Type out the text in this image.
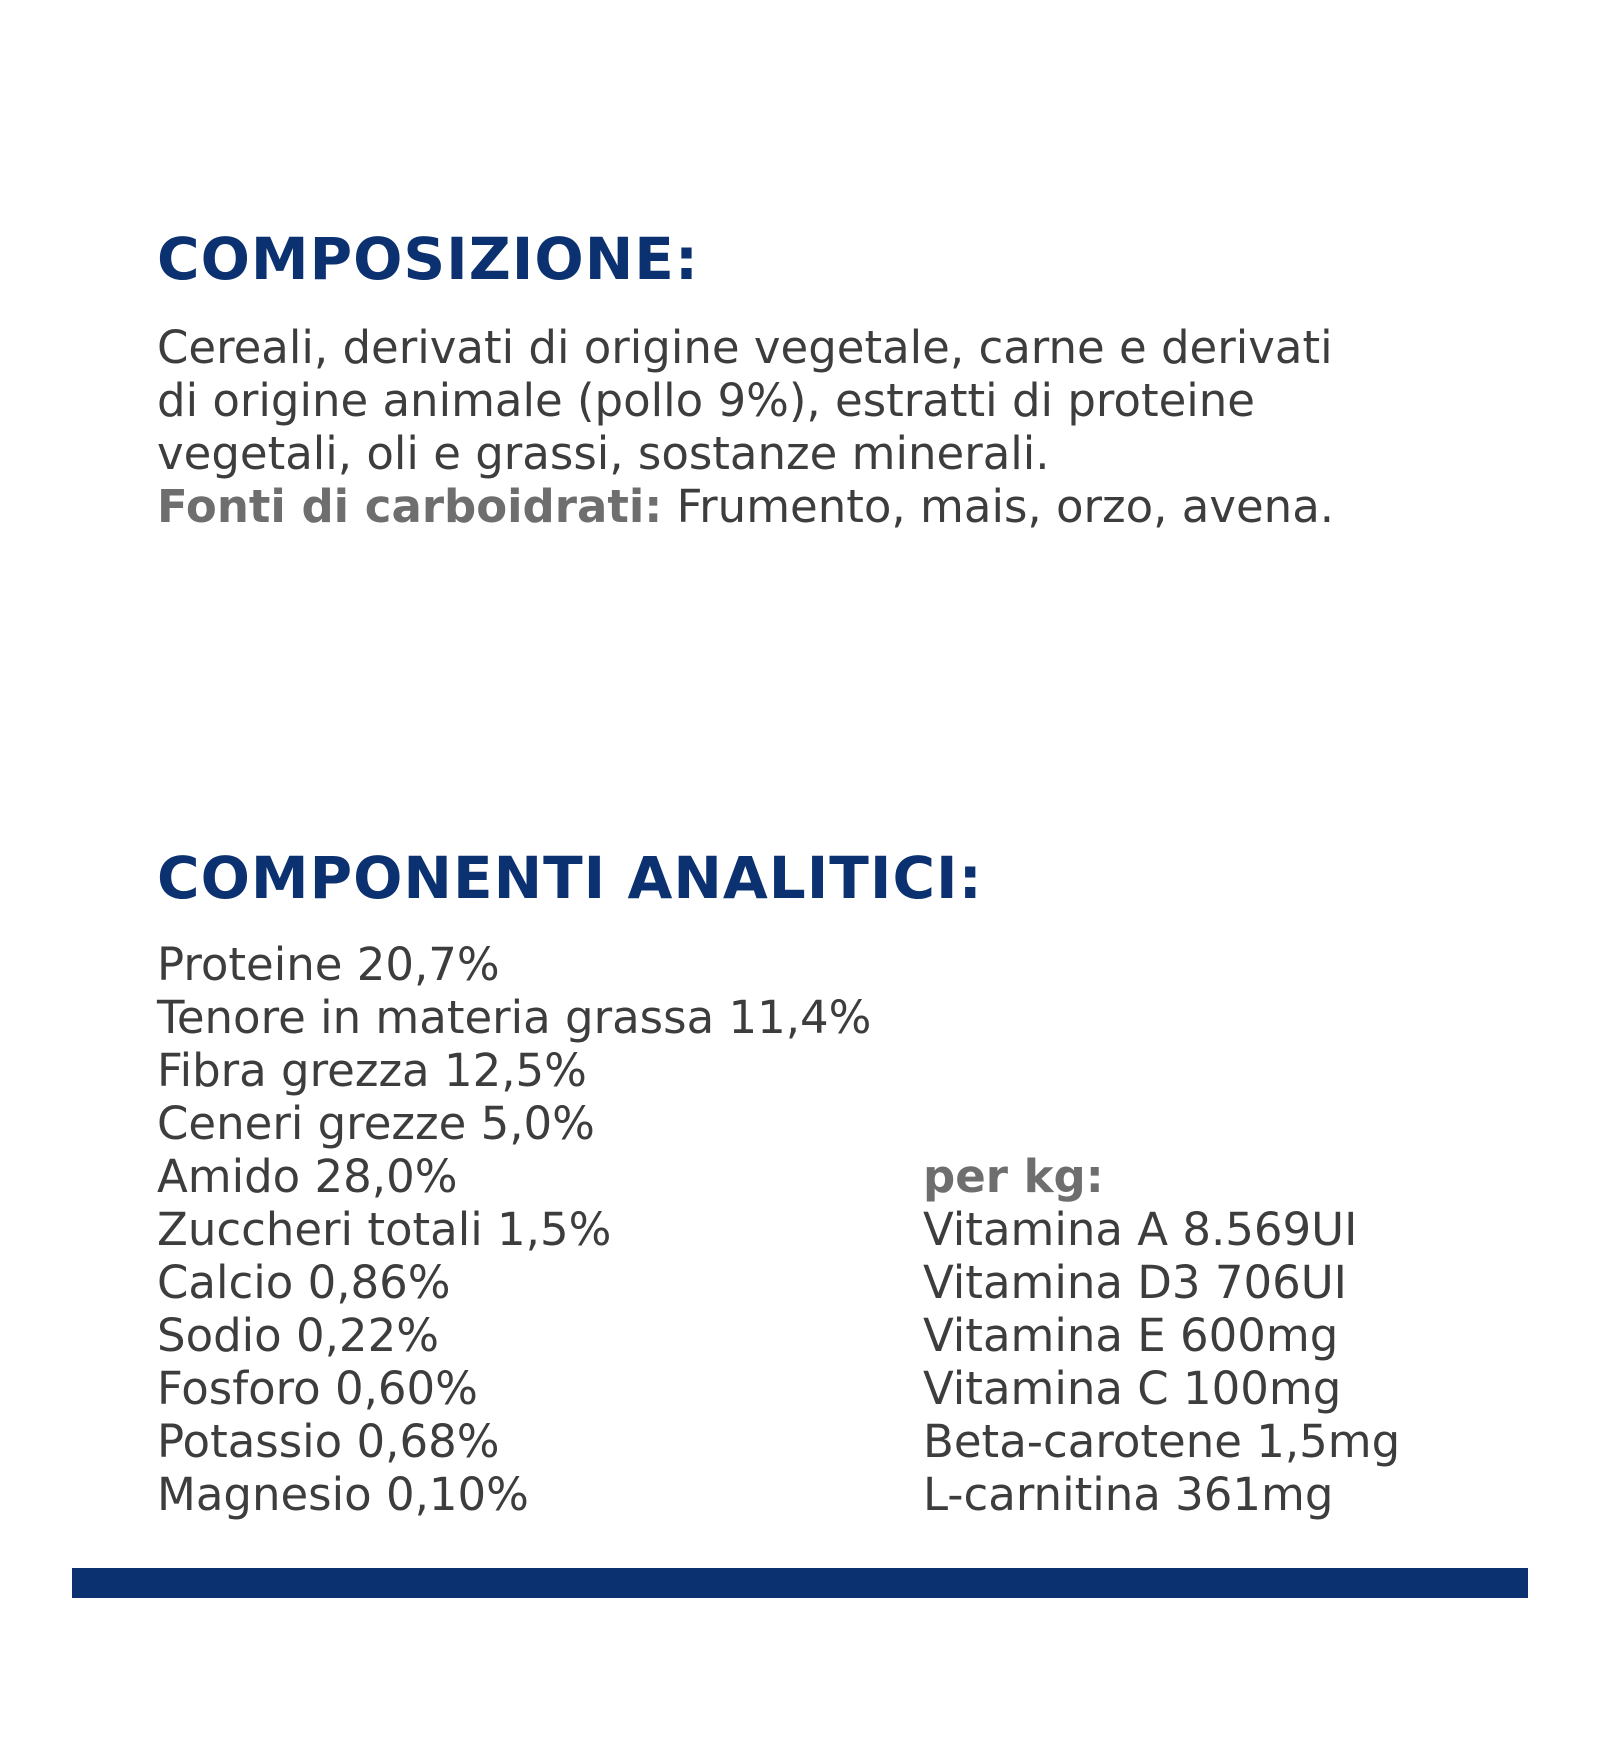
COMPOSIZIONE:
Cereali, derivati di origine vegetale, carne e derivati
di origine animale (pollo 9%), estratti di proteine
vegetali, oli e grassi, sostanze minerali.
Fonti di carboidrati: Frumento, mais, orzo, avena.
COMPONENTI ANALITICI:
Proteine 20,7%
Tenore in materia grassa 11,4%
Fibra grezza 12,5%
Ceneri grezze 5,0%
Amido 28,0%
Zuccheri totali 1,5%
Calcio 0,86%
Sodio 0,22%
Fosforo 0,60%
Potassio 0,68%
Magnesio 0,10%
per kg:
Vitamina A 8.569UI
Vitamina D3 706UI
Vitamina E 600mg
Vitamina C 100mg
Beta-carotene 1,5mg
L-carnitina 361mg
